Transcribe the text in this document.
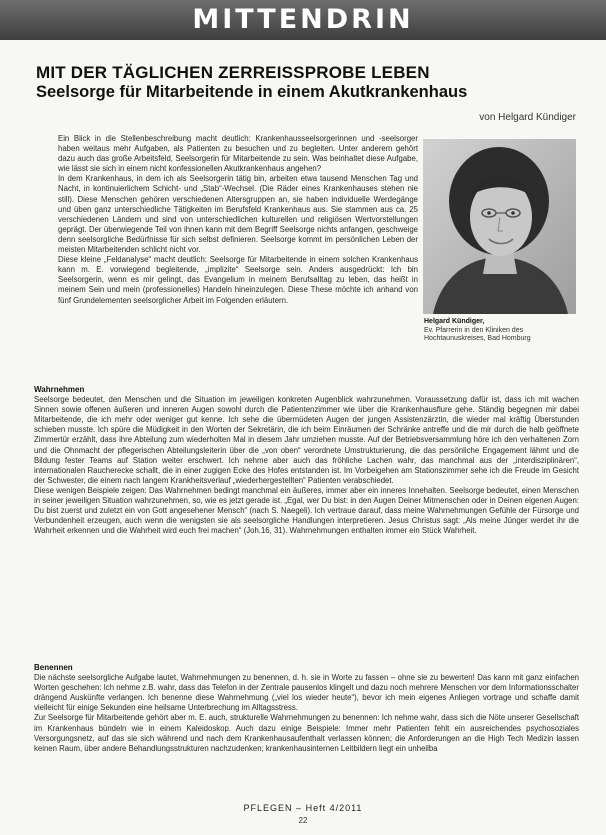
MITTENDRIN
MIT DER TÄGLICHEN ZERREISSPROBE LEBEN
Seelsorge für Mitarbeitende in einem Akutkrankenhaus
von Helgard Kündiger

Ein Blick in die Stellenbeschreibung macht deutlich: Krankenhausseelsorgerinnen und -seelsorger haben weitaus mehr Aufgaben, als Patienten zu besuchen und zu begleiten. Unter anderem gehört dazu auch das große Arbeitsfeld, Seelsorgerin für Mitarbeitende zu sein. Was beinhaltet diese Aufgabe, wie lässt sie sich in einem nicht konfessionellen Akutkrankenhaus angehen?

In dem Krankenhaus, in dem ich als Seelsorgerin tätig bin, arbeiten etwa tausend Menschen Tag und Nacht, in kontinuierlichem Schicht- und „Stab“-Wechsel. (Die Räder eines Krankenhauses stehen nie still). Diese Menschen gehören verschiedenen Altersgruppen an, sie haben individuelle Werdegänge und üben ganz unterschiedliche Tätigkeiten im Berufsfeld Krankenhaus aus. Sie stammen aus ca. 25 verschiedenen Ländern und sind von unterschiedlichen kulturellen und religiösen Wertvorstellungen geprägt. Der überwiegende Teil von ihnen kann mit dem Begriff Seelsorge nichts anfangen, geschweige denn seelsorgliche Bedürfnisse für sich selbst definieren. Seelsorge kommt im persönlichen Leben der meisten Mitarbeitenden schlicht nicht vor.

Diese kleine „Feldanalyse“ macht deutlich: Seelsorge für Mitarbeitende in einem solchen Krankenhaus kann m. E. vorwiegend begleitende, „implizite“ Seelsorge sein. Anders ausgedrückt: Ich bin Seelsorgerin, wenn es mir gelingt, das Evangelium in meinem Berufsalltag zu leben, das heißt in meinem Sein und mein (professionelles) Handeln hineinzulegen. Diese These möchte ich anhand von fünf Grundelementen seelsorglicher Arbeit im Folgenden erläutern.

Helgard Kündiger,
Ev. Pfarrerin in den Kliniken des Hochtaunuskreises, Bad Homburg

Wahrnehmen

Seelsorge bedeutet, den Menschen und die Situation im jeweiligen konkreten Augenblick wahrzunehmen. Voraussetzung dafür ist, dass ich mit wachen Sinnen sowie offenen äußeren und inneren Augen sowohl durch die Patientenzimmer wie über die Krankenhausflure gehe. Ständig begegnen mir dabei Mitarbeitende, die ich mehr oder weniger gut kenne. Ich sehe die übermüdeten Augen der jungen Assistenzärztin, die wieder mal kräftig Überstunden schieben musste. Ich spüre die Müdigkeit in den Worten der Sekretärin, die ich beim Einräumen der Schränke antreffe und die mir durch die halb geöffnete Zimmertür erzählt, dass ihre Abteilung zum wiederholten Mal in diesem Jahr umziehen musste. Auf der Betriebsversammlung höre ich den verhaltenen Zorn und die Ohnmacht der pflegerischen Abteilungsleiterin über die „von oben“ verordnete Umstrukturierung, die das persönliche Engagement lähmt und die Bildung fester Teams auf Station weiter erschwert. Ich nehme aber auch das fröhliche Lachen wahr, das manchmal aus der „interdisziplinären“, internationalen Raucherecke schallt, die in einer zugigen Ecke des Hofes entstanden ist. Im Vorbeigehen am Stationszimmer sehe ich die Freude im Gesicht der Schwester, die einem nach langem Krankheitsverlauf „wiederhergestellten“ Patienten verabschiedet.

Diese wenigen Beispiele zeigen: Das Wahrnehmen bedingt manchmal ein äußeres, immer aber ein inneres Innehalten. Seelsorge bedeutet, einen Menschen in seiner jeweiligen Situation wahrzunehmen, so, wie es jetzt gerade ist. „Egal, wer Du bist: in den Augen Deiner Mitmenschen oder in Deinen eigenen Augen: Du bist zuerst und zuletzt ein von Gott angesehener Mensch“ (nach S. Naegeli). Ich vertraue darauf, dass meine Wahrnehmungen Gefühle der Fürsorge und Verbundenheit erzeugen, auch wenn die wenigsten sie als seelsorgliche Handlungen interpretieren. Jesus Christus sagt: „Als meine Jünger werdet ihr die Wahrheit erkennen und die Wahrheit wird euch frei machen“ (Joh.16, 31). Wahrnehmungen enthalten immer ein Stück Wahrheit.

Benennen

Die nächste seelsorgliche Aufgabe lautet, Wahrnehmungen zu benennen, d. h. sie in Worte zu fassen – ohne sie zu bewerten! Das kann mit ganz einfachen Worten geschehen: Ich nehme z.B. wahr, dass das Telefon in der Zentrale pausenlos klingelt und dazu noch mehrere Menschen vor dem Informationsschalter drängend Auskünfte verlangen. Ich benenne diese Wahrnehmung („viel los wieder heute“), bevor ich mein eigenes Anliegen vortrage und schaffe damit vielleicht für einige Sekunden eine heilsame Unterbrechung im Alltagsstress.

Zur Seelsorge für Mitarbeitende gehört aber m. E. auch, strukturelle Wahrnehmungen zu benennen: Ich nehme wahr, dass sich die Nöte unserer Gesellschaft im Krankenhaus bündeln wie in einem Kaleidoskop. Auch dazu einige Beispiele: Immer mehr Patienten fehlt ein ausreichendes psychosoziales Versorgungsnetz, auf das sie sich während und nach dem Krankenhausaufenthalt verlassen können; die Anforderungen an die High Tech Medizin lassen keinen Raum, über andere Behandlungsstrukturen nachzudenken; krankenhausinternen Leitbildern liegt ein unheilba

PFLEGEN – Heft 4/2011
22
